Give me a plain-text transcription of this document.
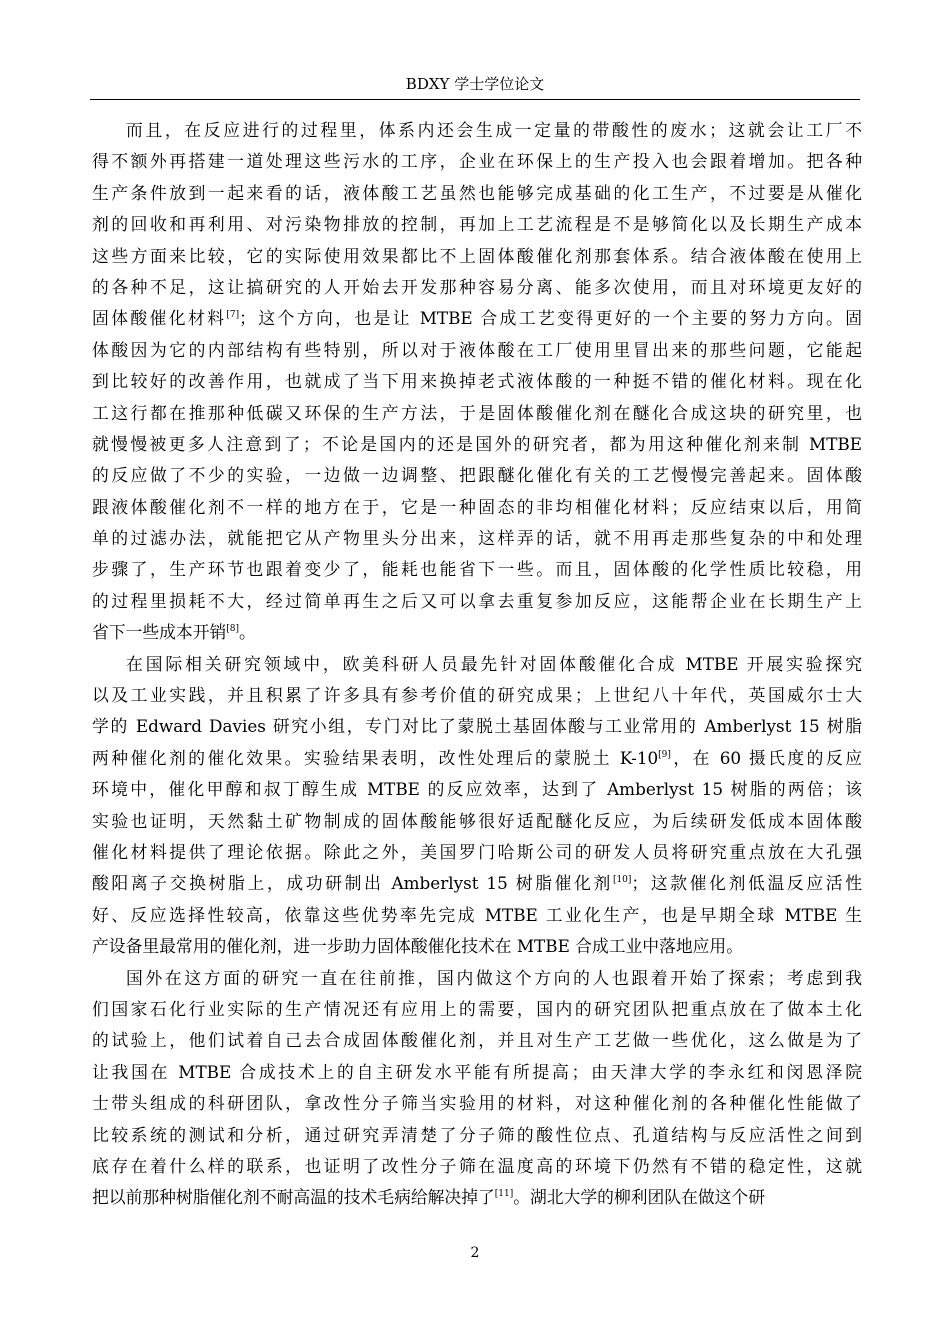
BDXY 学士学位论文
而且，在反应进行的过程里，体系内还会生成一定量的带酸性的废水；这就会让工厂不
得不额外再搭建一道处理这些污水的工序，企业在环保上的生产投入也会跟着增加。把各种
生产条件放到一起来看的话，液体酸工艺虽然也能够完成基础的化工生产，不过要是从催化
剂的回收和再利用、对污染物排放的控制，再加上工艺流程是不是够简化以及长期生产成本
这些方面来比较，它的实际使用效果都比不上固体酸催化剂那套体系。结合液体酸在使用上
的各种不足，这让搞研究的人开始去开发那种容易分离、能多次使用，而且对环境更友好的
固体酸催化材料[7]；这个方向，也是让 MTBE 合成工艺变得更好的一个主要的努力方向。固
体酸因为它的内部结构有些特别，所以对于液体酸在工厂使用里冒出来的那些问题，它能起
到比较好的改善作用，也就成了当下用来换掉老式液体酸的一种挺不错的催化材料。现在化
工这行都在推那种低碳又环保的生产方法，于是固体酸催化剂在醚化合成这块的研究里，也
就慢慢被更多人注意到了；不论是国内的还是国外的研究者，都为用这种催化剂来制 MTBE
的反应做了不少的实验，一边做一边调整、把跟醚化催化有关的工艺慢慢完善起来。固体酸
跟液体酸催化剂不一样的地方在于，它是一种固态的非均相催化材料；反应结束以后，用简
单的过滤办法，就能把它从产物里头分出来，这样弄的话，就不用再走那些复杂的中和处理
步骤了，生产环节也跟着变少了，能耗也能省下一些。而且，固体酸的化学性质比较稳，用
的过程里损耗不大，经过简单再生之后又可以拿去重复参加反应，这能帮企业在长期生产上
省下一些成本开销[8]。
在国际相关研究领域中，欧美科研人员最先针对固体酸催化合成 MTBE 开展实验探究
以及工业实践，并且积累了许多具有参考价值的研究成果；上世纪八十年代，英国威尔士大
学的 Edward Davies 研究小组，专门对比了蒙脱土基固体酸与工业常用的 Amberlyst 15 树脂
两种催化剂的催化效果。实验结果表明，改性处理后的蒙脱土 K-10[9]，在 60 摄氏度的反应
环境中，催化甲醇和叔丁醇生成 MTBE 的反应效率，达到了 Amberlyst 15 树脂的两倍；该
实验也证明，天然黏土矿物制成的固体酸能够很好适配醚化反应，为后续研发低成本固体酸
催化材料提供了理论依据。除此之外，美国罗门哈斯公司的研发人员将研究重点放在大孔强
酸阳离子交换树脂上，成功研制出 Amberlyst 15 树脂催化剂[10]；这款催化剂低温反应活性
好、反应选择性较高，依靠这些优势率先完成 MTBE 工业化生产，也是早期全球 MTBE 生
产设备里最常用的催化剂，进一步助力固体酸催化技术在 MTBE 合成工业中落地应用。
国外在这方面的研究一直在往前推，国内做这个方向的人也跟着开始了探索；考虑到我
们国家石化行业实际的生产情况还有应用上的需要，国内的研究团队把重点放在了做本土化
的试验上，他们试着自己去合成固体酸催化剂，并且对生产工艺做一些优化，这么做是为了
让我国在 MTBE 合成技术上的自主研发水平能有所提高；由天津大学的李永红和闵恩泽院
士带头组成的科研团队，拿改性分子筛当实验用的材料，对这种催化剂的各种催化性能做了
比较系统的测试和分析，通过研究弄清楚了分子筛的酸性位点、孔道结构与反应活性之间到
底存在着什么样的联系，也证明了改性分子筛在温度高的环境下仍然有不错的稳定性，这就
把以前那种树脂催化剂不耐高温的技术毛病给解决掉了[11]。湖北大学的柳利团队在做这个研
2
